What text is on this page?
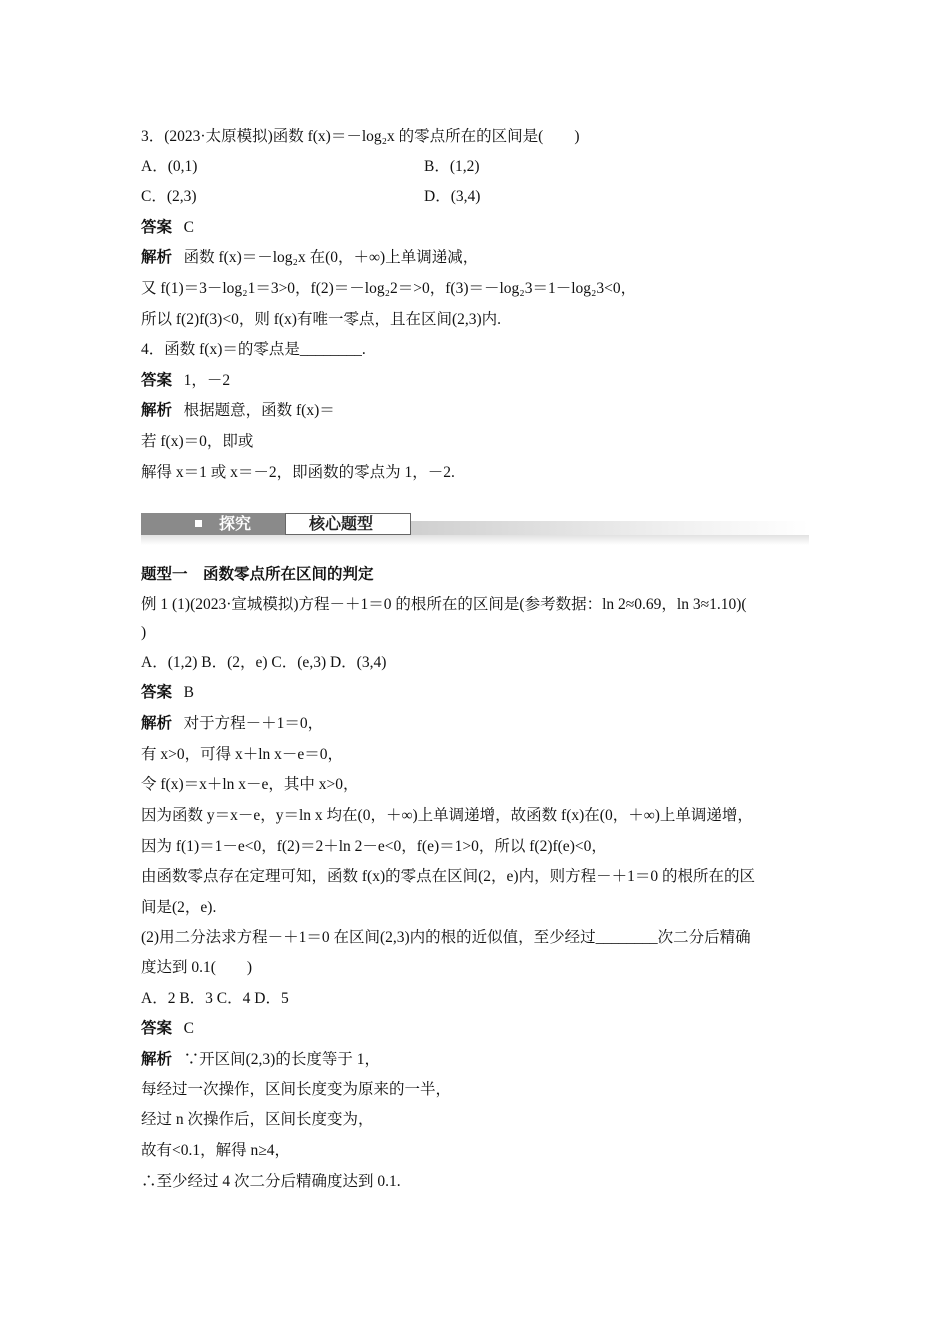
3．(2023·太原模拟)函数 f(x)＝－log₂x 的零点所在的区间是(　　)
A．(0,1)	B．(1,2)
C．(2,3)	D．(3,4)
答案 C
解析 函数 f(x)＝－log₂x 在(0，＋∞)上单调递减，
又 f(1)＝3－log₂1＝3>0，f(2)＝－log₂2＝>0，f(3)＝－log₂3＝1－log₂3<0，
所以 f(2)f(3)<0，则 f(x)有唯一零点，且在区间(2,3)内.
4．函数 f(x)＝的零点是________.
答案 1，－2
解析 根据题意，函数 f(x)＝
若 f(x)＝0，即或
解得 x＝1 或 x＝－2，即函数的零点为 1，－2.
探究	核心题型
题型一　函数零点所在区间的判定
例 1 (1)(2023·宣城模拟)方程－＋1＝0 的根所在的区间是(参考数据：ln 2≈0.69，ln 3≈1.10)(
)
A．(1,2) B．(2，e) C．(e,3) D．(3,4)
答案 B
解析 对于方程－＋1＝0，
有 x>0，可得 x＋ln x－e＝0，
令 f(x)＝x＋ln x－e，其中 x>0，
因为函数 y＝x－e，y＝ln x 均在(0，＋∞)上单调递增，故函数 f(x)在(0，＋∞)上单调递增，
因为 f(1)＝1－e<0，f(2)＝2＋ln 2－e<0，f(e)＝1>0，所以 f(2)f(e)<0，
由函数零点存在定理可知，函数 f(x)的零点在区间(2，e)内，则方程－＋1＝0 的根所在的区
间是(2，e).
(2)用二分法求方程－＋1＝0 在区间(2,3)内的根的近似值，至少经过________次二分后精确
度达到 0.1(　　)
A．2 B．3 C．4 D．5
答案 C
解析 ∵开区间(2,3)的长度等于 1，
每经过一次操作，区间长度变为原来的一半，
经过 n 次操作后，区间长度变为，
故有<0.1，解得 n≥4，
∴至少经过 4 次二分后精确度达到 0.1.
